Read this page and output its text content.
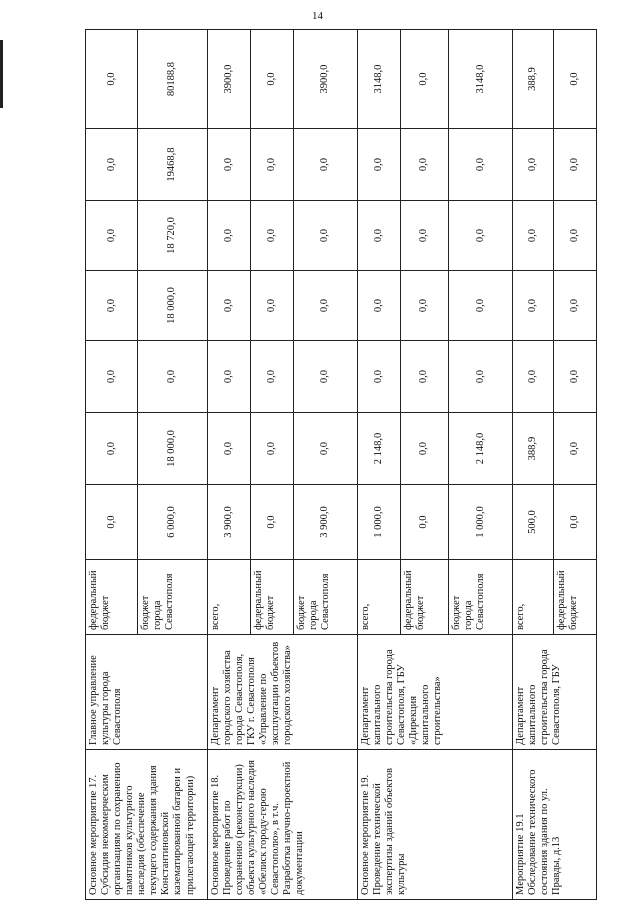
14
Основное мероприятие 17. Субсидия некоммерческим организациям по сохранению памятников культурного наследия (обеспечение текущего содержания здания Константиновской казематированной батареи и прилегающей территории)	Главное управление культуры города Севастополя	федеральный бюджет	0,0	0,0	0,0	0,0	0,0	0,0	0,0
		бюджет города Севастополя	6 000,0	18 000,0	0,0	18 000,0	18 720,0	19468,8	80188,8
Основное мероприятие 18. Проведение работ по сохранению (реконструкции) объекта культурного наследия «Обелиск городу-герою Севастополю», в т.ч. Разработка научно-проектной документации	Департамент городского хозяйства города Севастополя, ГКУ г. Севастополя «Управление по эксплуатации объектов городского хозяйства»	всего,	3 900,0	0,0	0,0	0,0	0,0	0,0	3900,0
		федеральный бюджет	0,0	0,0	0,0	0,0	0,0	0,0	0,0
		бюджет города Севастополя	3 900,0	0,0	0,0	0,0	0,0	0,0	3900,0
Основное мероприятие 19. Проведение технической экспертизы зданий объектов культуры	Департамент капитального строительства города Севастополя, ГБУ «Дирекция капитального строительства»	всего,	1 000,0	2 148,0	0,0	0,0	0,0	0,0	3148,0
		федеральный бюджет	0,0	0,0	0,0	0,0	0,0	0,0	0,0
		бюджет города Севастополя	1 000,0	2 148,0	0,0	0,0	0,0	0,0	3148,0
Мероприятие 19.1 Обследование технического состояния здания по ул. Правды, д.13	Департамент капитального строительства города Севастополя, ГБУ	всего,	500,0	388,9	0,0	0,0	0,0	0,0	388,9
		федеральный бюджет	0,0	0,0	0,0	0,0	0,0	0,0	0,0
